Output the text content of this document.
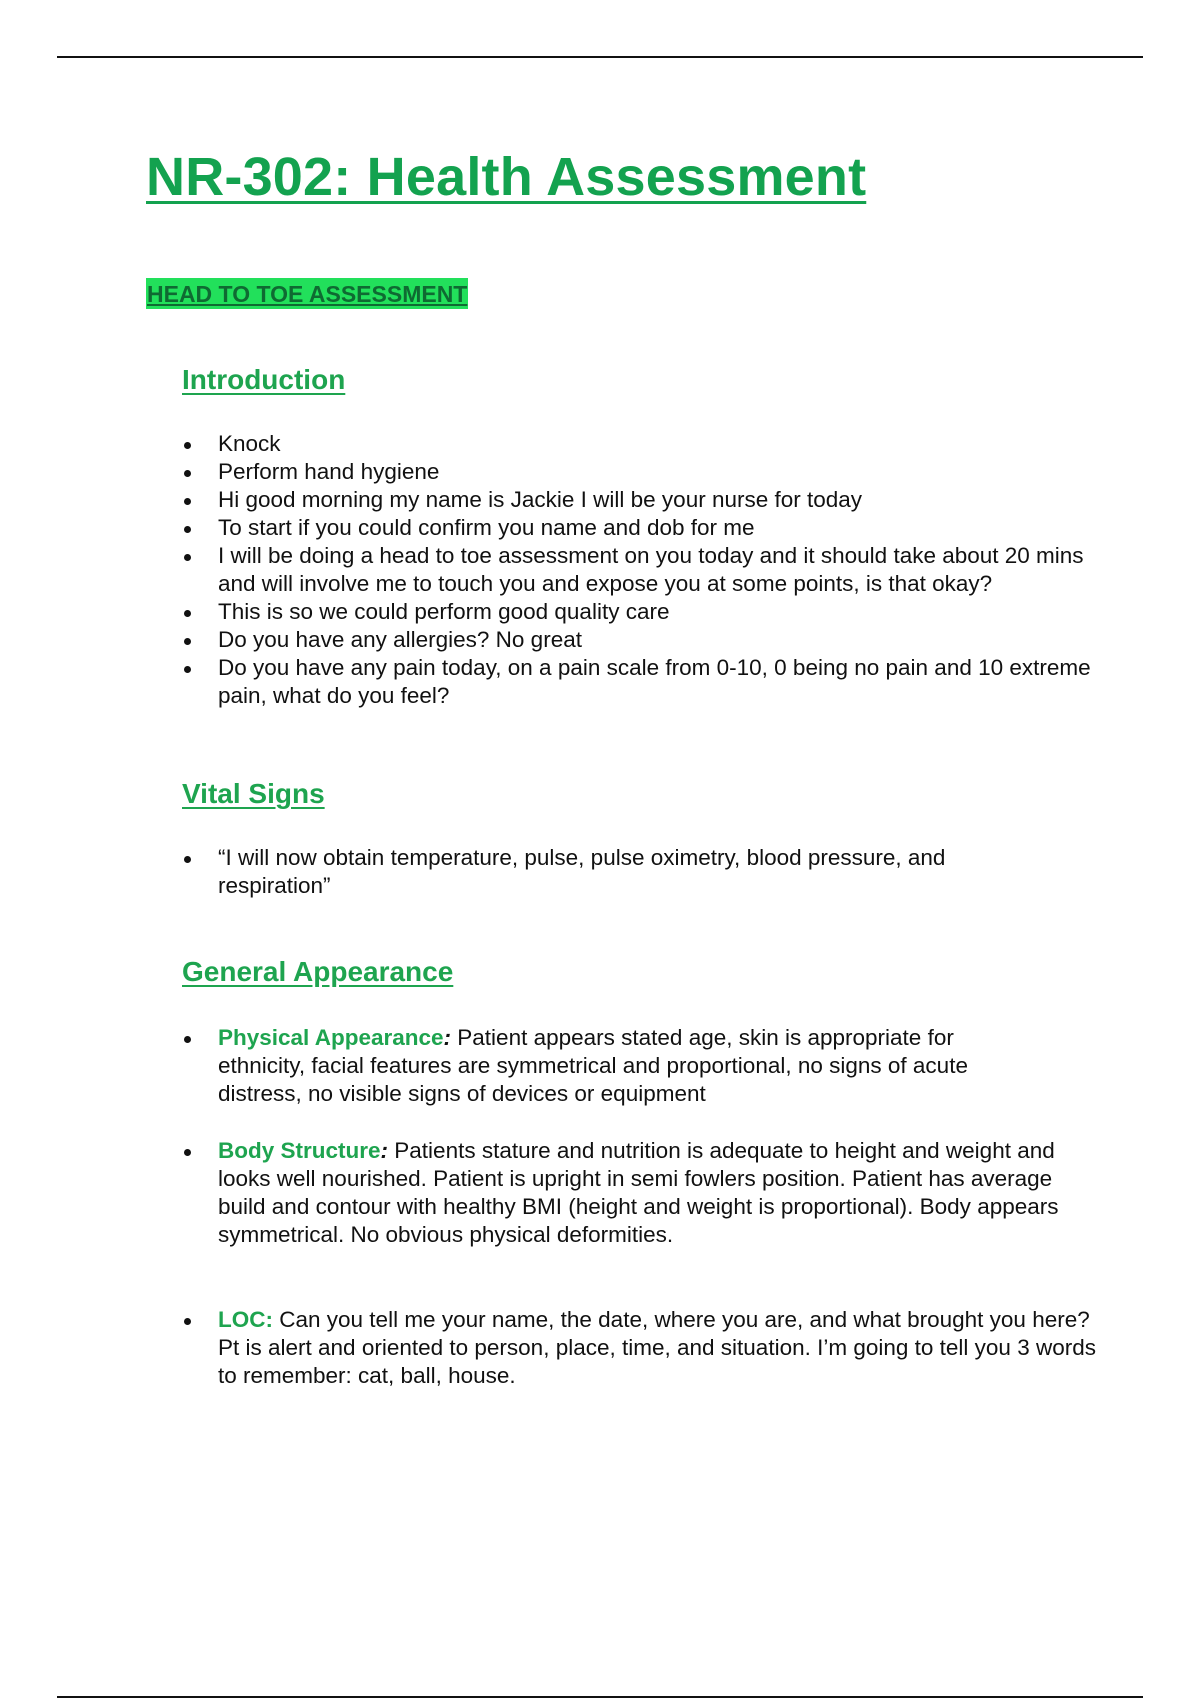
NR-302: Health Assessment
HEAD TO TOE ASSESSMENT
Introduction
Knock
Perform hand hygiene
Hi good morning my name is Jackie I will be your nurse for today
To start if you could confirm you name and dob for me
I will be doing a head to toe assessment on you today and it should take about 20 mins and will involve me to touch you and expose you at some points, is that okay?
This is so we could perform good quality care
Do you have any allergies? No great
Do you have any pain today, on a pain scale from 0-10, 0 being no pain and 10 extreme pain, what do you feel?
Vital Signs
“I will now obtain temperature, pulse, pulse oximetry, blood pressure, and respiration”
General Appearance
Physical Appearance: Patient appears stated age, skin is appropriate for ethnicity, facial features are symmetrical and proportional, no signs of acute distress, no visible signs of devices or equipment
Body Structure: Patients stature and nutrition is adequate to height and weight and looks well nourished. Patient is upright in semi fowlers position. Patient has average build and contour with healthy BMI (height and weight is proportional). Body appears symmetrical. No obvious physical deformities.
LOC: Can you tell me your name, the date, where you are, and what brought you here? Pt is alert and oriented to person, place, time, and situation. I’m going to tell you 3 words to remember: cat, ball, house.
